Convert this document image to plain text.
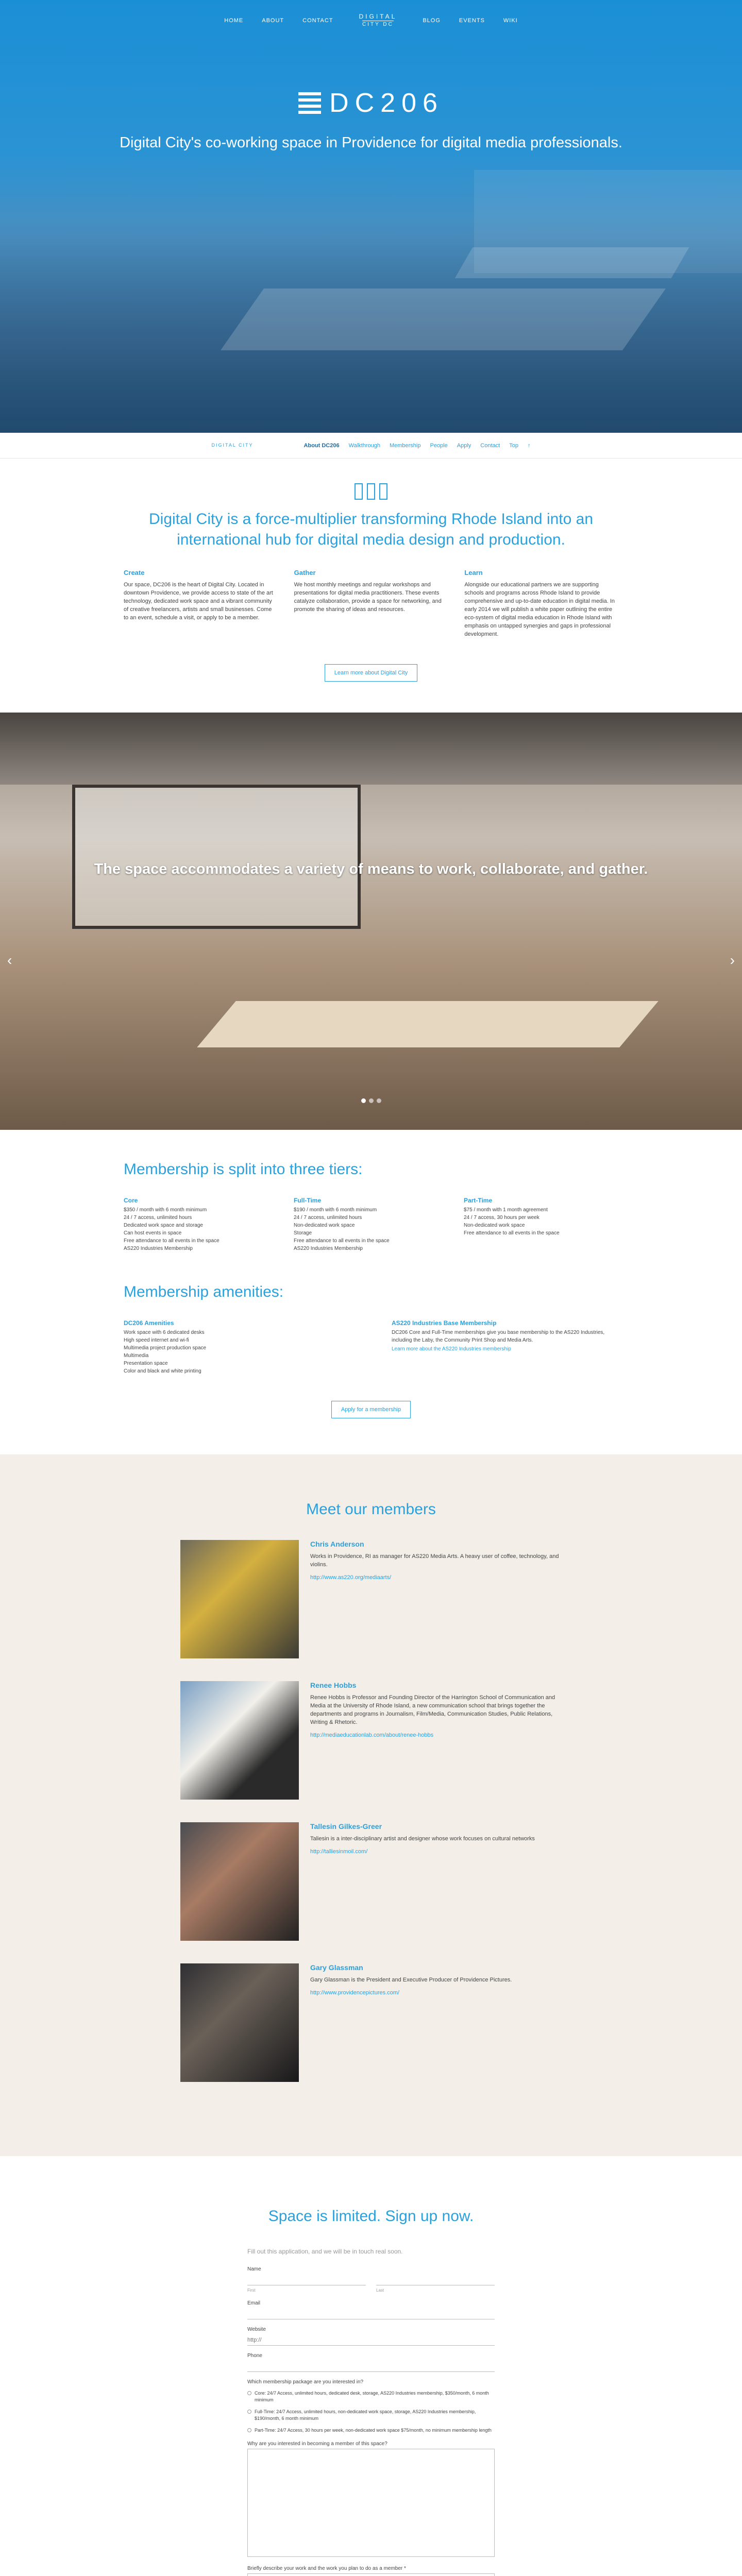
HOME	ABOUT	CONTACT
DIGITAL
CITY DC
BLOG	EVENTS	WIKI
DC206

Digital City's co-working space in Providence for digital media professionals.

DIGITAL CITY	About DC206 Walkthrough Membership People Apply Contact Top ↑
Digital City is a force-multiplier transforming Rhode Island into an international hub for digital media design and production.
Create

Our space, DC206 is the heart of Digital City. Located in downtown Providence, we provide access to state of the art technology, dedicated work space and a vibrant community of creative freelancers, artists and small businesses. Come to an event, schedule a visit, or apply to be a member.

Gather

We host monthly meetings and regular workshops and presentations for digital media practitioners. These events catalyze collaboration, provide a space for networking, and promote the sharing of ideas and resources.

Learn

Alongside our educational partners we are supporting schools and programs across Rhode Island to provide comprehensive and up-to-date education in digital media. In early 2014 we will publish a white paper outlining the entire eco-system of digital media education in Rhode Island with emphasis on untapped synergies and gaps in professional development.

Learn more about Digital City

The space accommodates a variety of means to work, collaborate, and gather.

‹	›
Membership is split into three tiers:
Core

$350 / month with 6 month minimum

24 / 7 access, unlimited hours

Dedicated work space and storage

Can host events in space

Free attendance to all events in the space

AS220 Industries Membership

Full-Time

$190 / month with 6 month minimum

24 / 7 access, unlimited hours

Non-dedicated work space

Storage

Free attendance to all events in the space

AS220 Industries Membership

Part-Time

$75 / month with 1 month agreement

24 / 7 access, 30 hours per week

Non-dedicated work space

Free attendance to all events in the space

Membership amenities:
DC206 Amenities

Work space with 6 dedicated desks

High speed internet and wi-fi

Multimedia project production space

Multimedia

Presentation space

Color and black and white printing

AS220 Industries Base Membership

DC206 Core and Full-Time memberships give you base membership to the AS220 Industries, including the Laby, the Community Print Shop and Media Arts.

Learn more about the AS220 Industries membership
Apply for a membership
Meet our members
Chris Anderson

Works in Providence, RI as manager for AS220 Media Arts. A heavy user of coffee, technology, and violins.

http://www.as220.org/mediaarts/
Renee Hobbs

Renee Hobbs is Professor and Founding Director of the Harrington School of Communication and Media at the University of Rhode Island, a new communication school that brings together the departments and programs in Journalism, Film/Media, Communication Studies, Public Relations, Writing & Rhetoric.

http://mediaeducationlab.com/about/renee-hobbs
Tallesin Gilkes-Greer

Taliesin is a inter-disciplinary artist and designer whose work focuses on cultural networks

http://talliesinmoil.com/
Gary Glassman

Gary Glassman is the President and Executive Producer of Providence Pictures.

http://www.providencepictures.com/
Space is limited. Sign up now.

Fill out this application, and we will be in touch real soon.

Name
First	Last
Email
Website
http://
Phone
Which membership package are you interested in?
Core: 24/7 Access, unlimited hours, dedicated desk, storage, AS220 Industries membership, $350/month, 6 month minimum
Full-Time: 24/7 Access, unlimited hours, non-dedicated work space, storage, AS220 Industries membership, $190/month, 6 month minimum
Part-Time: 24/7 Access, 30 hours per week, non-dedicated work space $75/month, no minimum membership length
Why are you interested in becoming a member of this space?
Briefly describe your work and the work you plan to do as a member *
